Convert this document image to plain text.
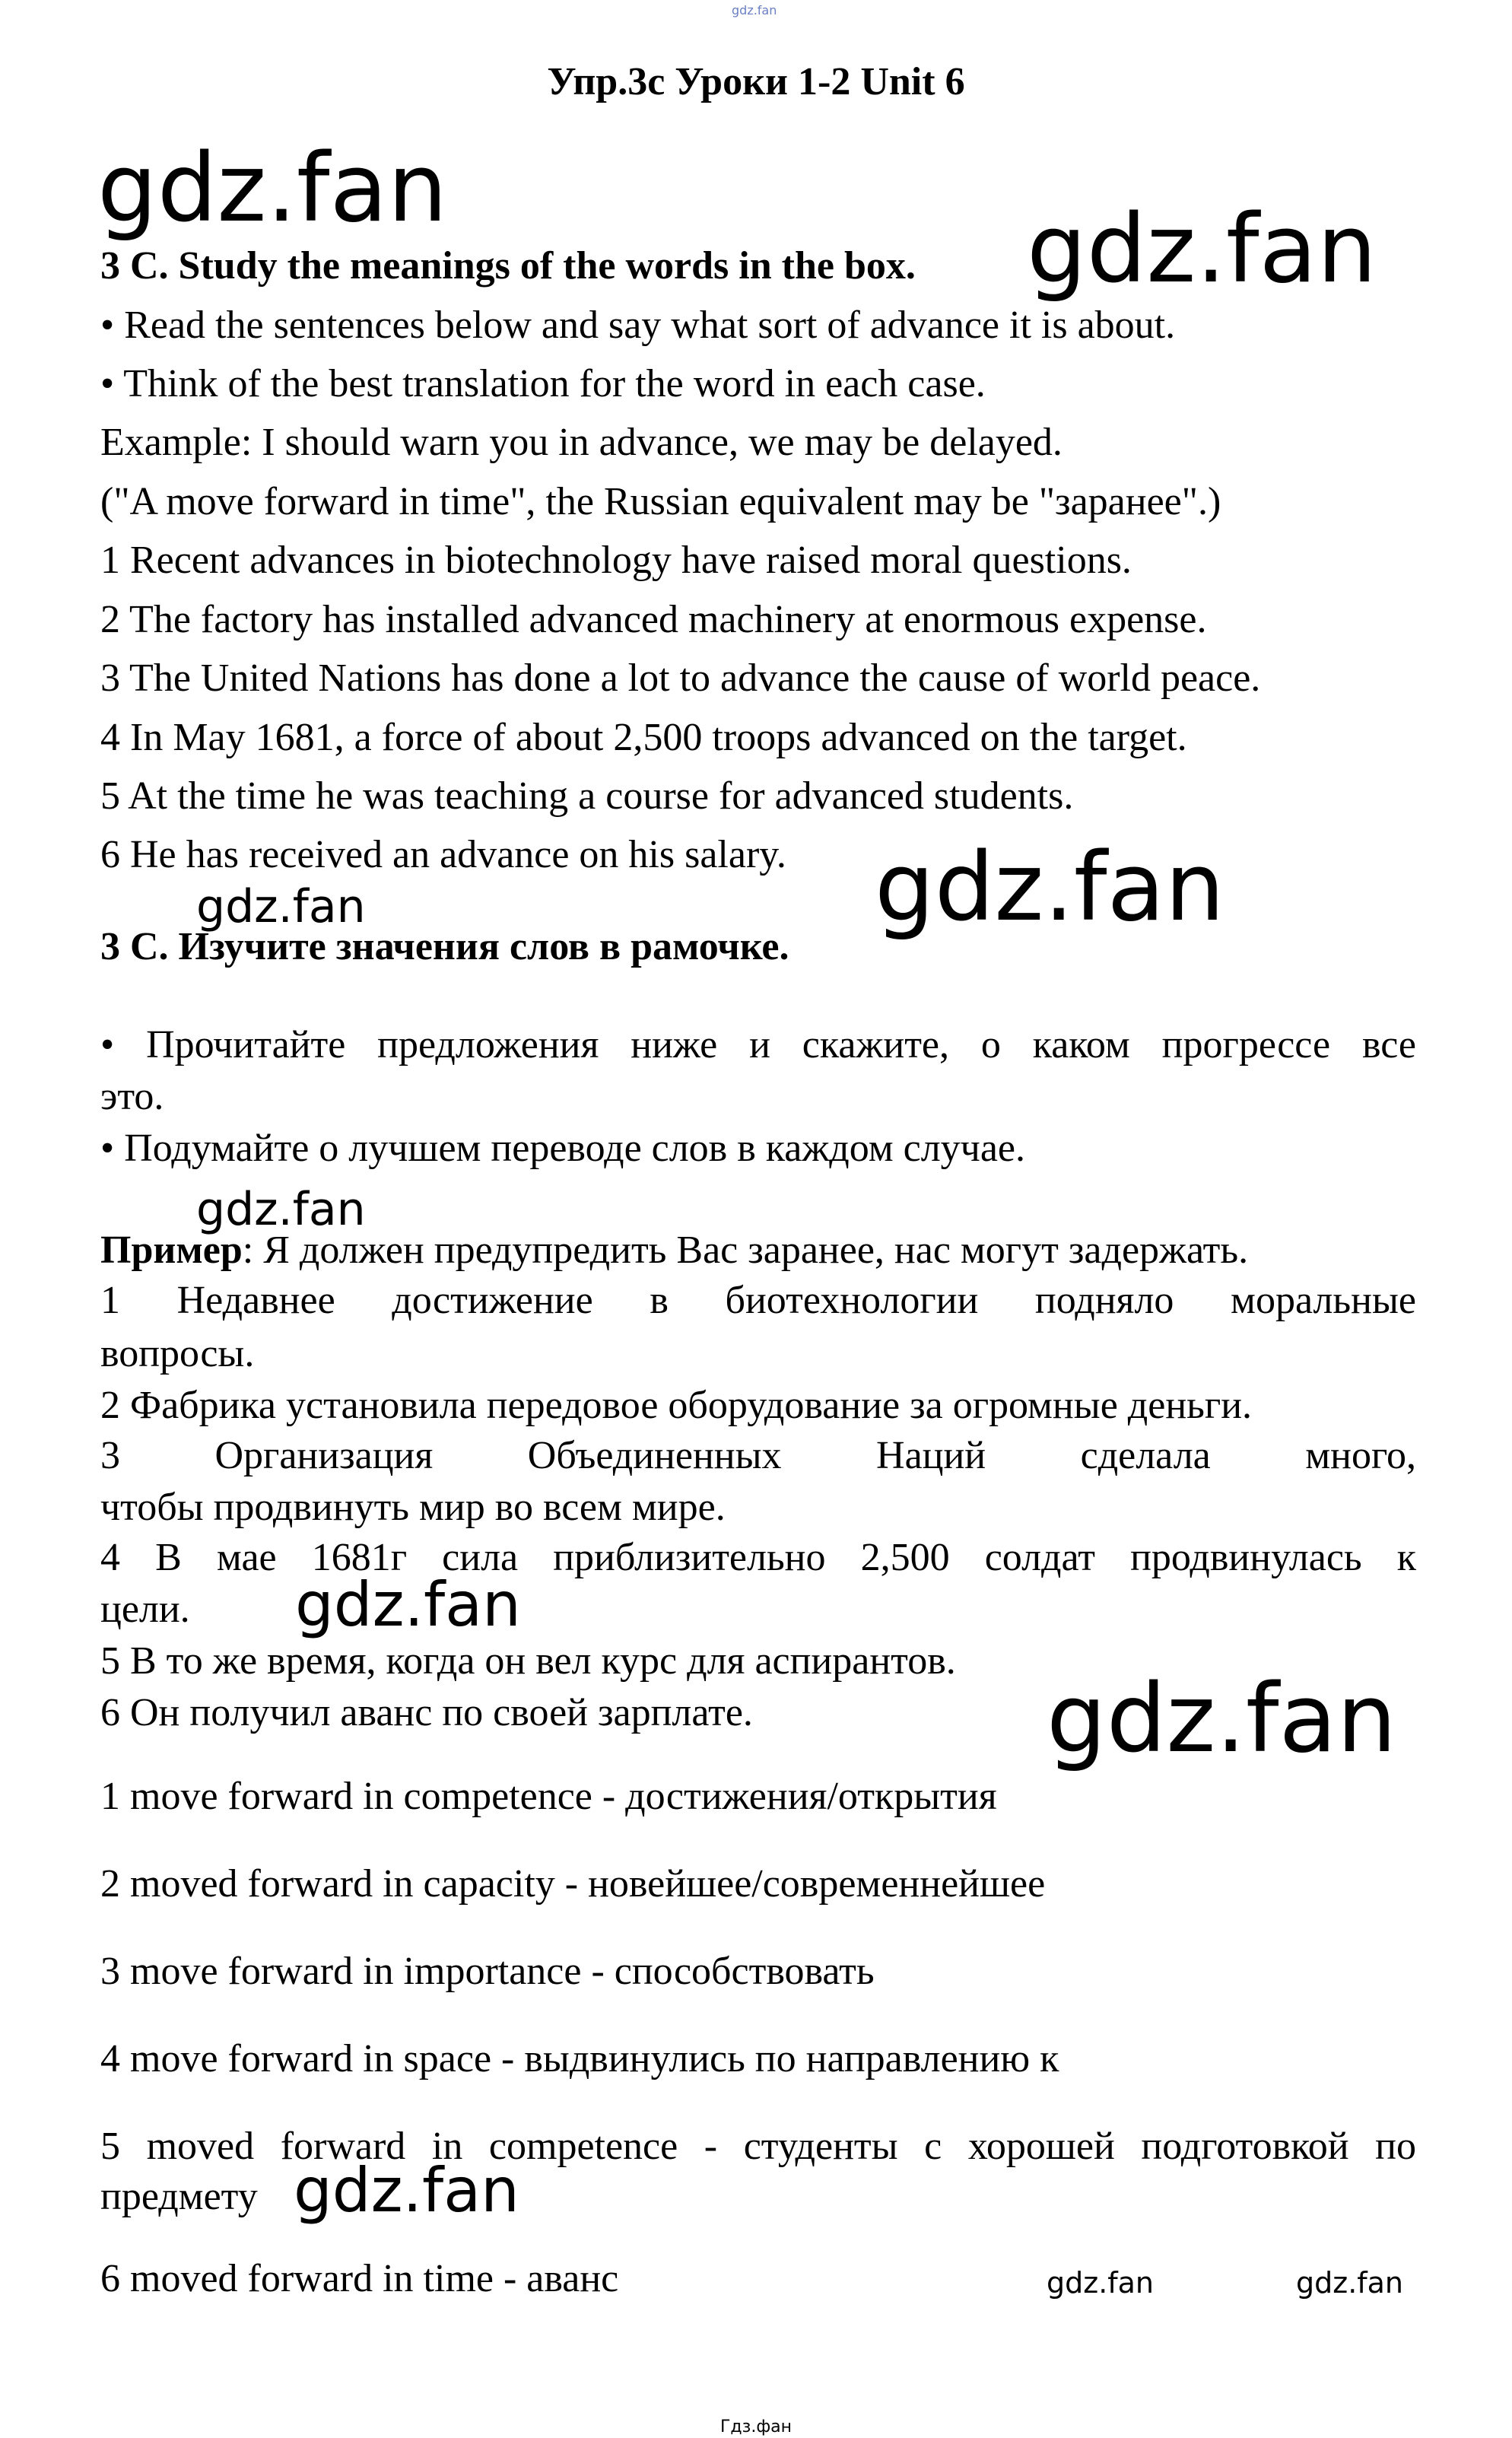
gdz.fan
Упр.3c Уроки 1-2 Unit 6
3 C. Study the meanings of the words in the box.
• Read the sentences below and say what sort of advance it is about.
• Think of the best translation for the word in each case.
Example: I should warn you in advance, we may be delayed.
("A move forward in time", the Russian equivalent may be "заранее".)
1 Recent advances in biotechnology have raised moral questions.
2 The factory has installed advanced machinery at enormous expense.
3 The United Nations has done a lot to advance the cause of world peace.
4 In May 1681, a force of about 2,500 troops advanced on the target.
5 At the time he was teaching a course for advanced students.
6 He has received an advance on his salary.
3 С. Изучите значения слов в рамочке.
• Прочитайте предложения ниже и скажите, о каком прогрессе все
это.
• Подумайте о лучшем переводе слов в каждом случае.
Пример: Я должен предупредить Вас заранее, нас могут задержать.
1 Недавнее достижение в биотехнологии подняло моральные
вопросы.
2 Фабрика установила передовое оборудование за огромные деньги.
3 Организация Объединенных Наций сделала много,
чтобы продвинуть мир во всем мире.
4 В мае 1681г сила приблизительно 2,500 солдат продвинулась к
цели.
5 В то же время, когда он вел курс для аспирантов.
6 Он получил аванс по своей зарплате.
1 move forward in competence - достижения/открытия
2 moved forward in capacity - новейшее/современнейшее
3 move forward in importance - способствовать
4 move forward in space - выдвинулись по направлению к
5 moved forward in competence - студенты с хорошей подготовкой по
предмету
6 moved forward in time - аванс
gdz.fan
gdz.fan
gdz.fan	gdz.fan
gdz.fan
gdz.fan
gdz.fan
gdz.fan
gdz.fan	gdz.fan
Гдз.фан
